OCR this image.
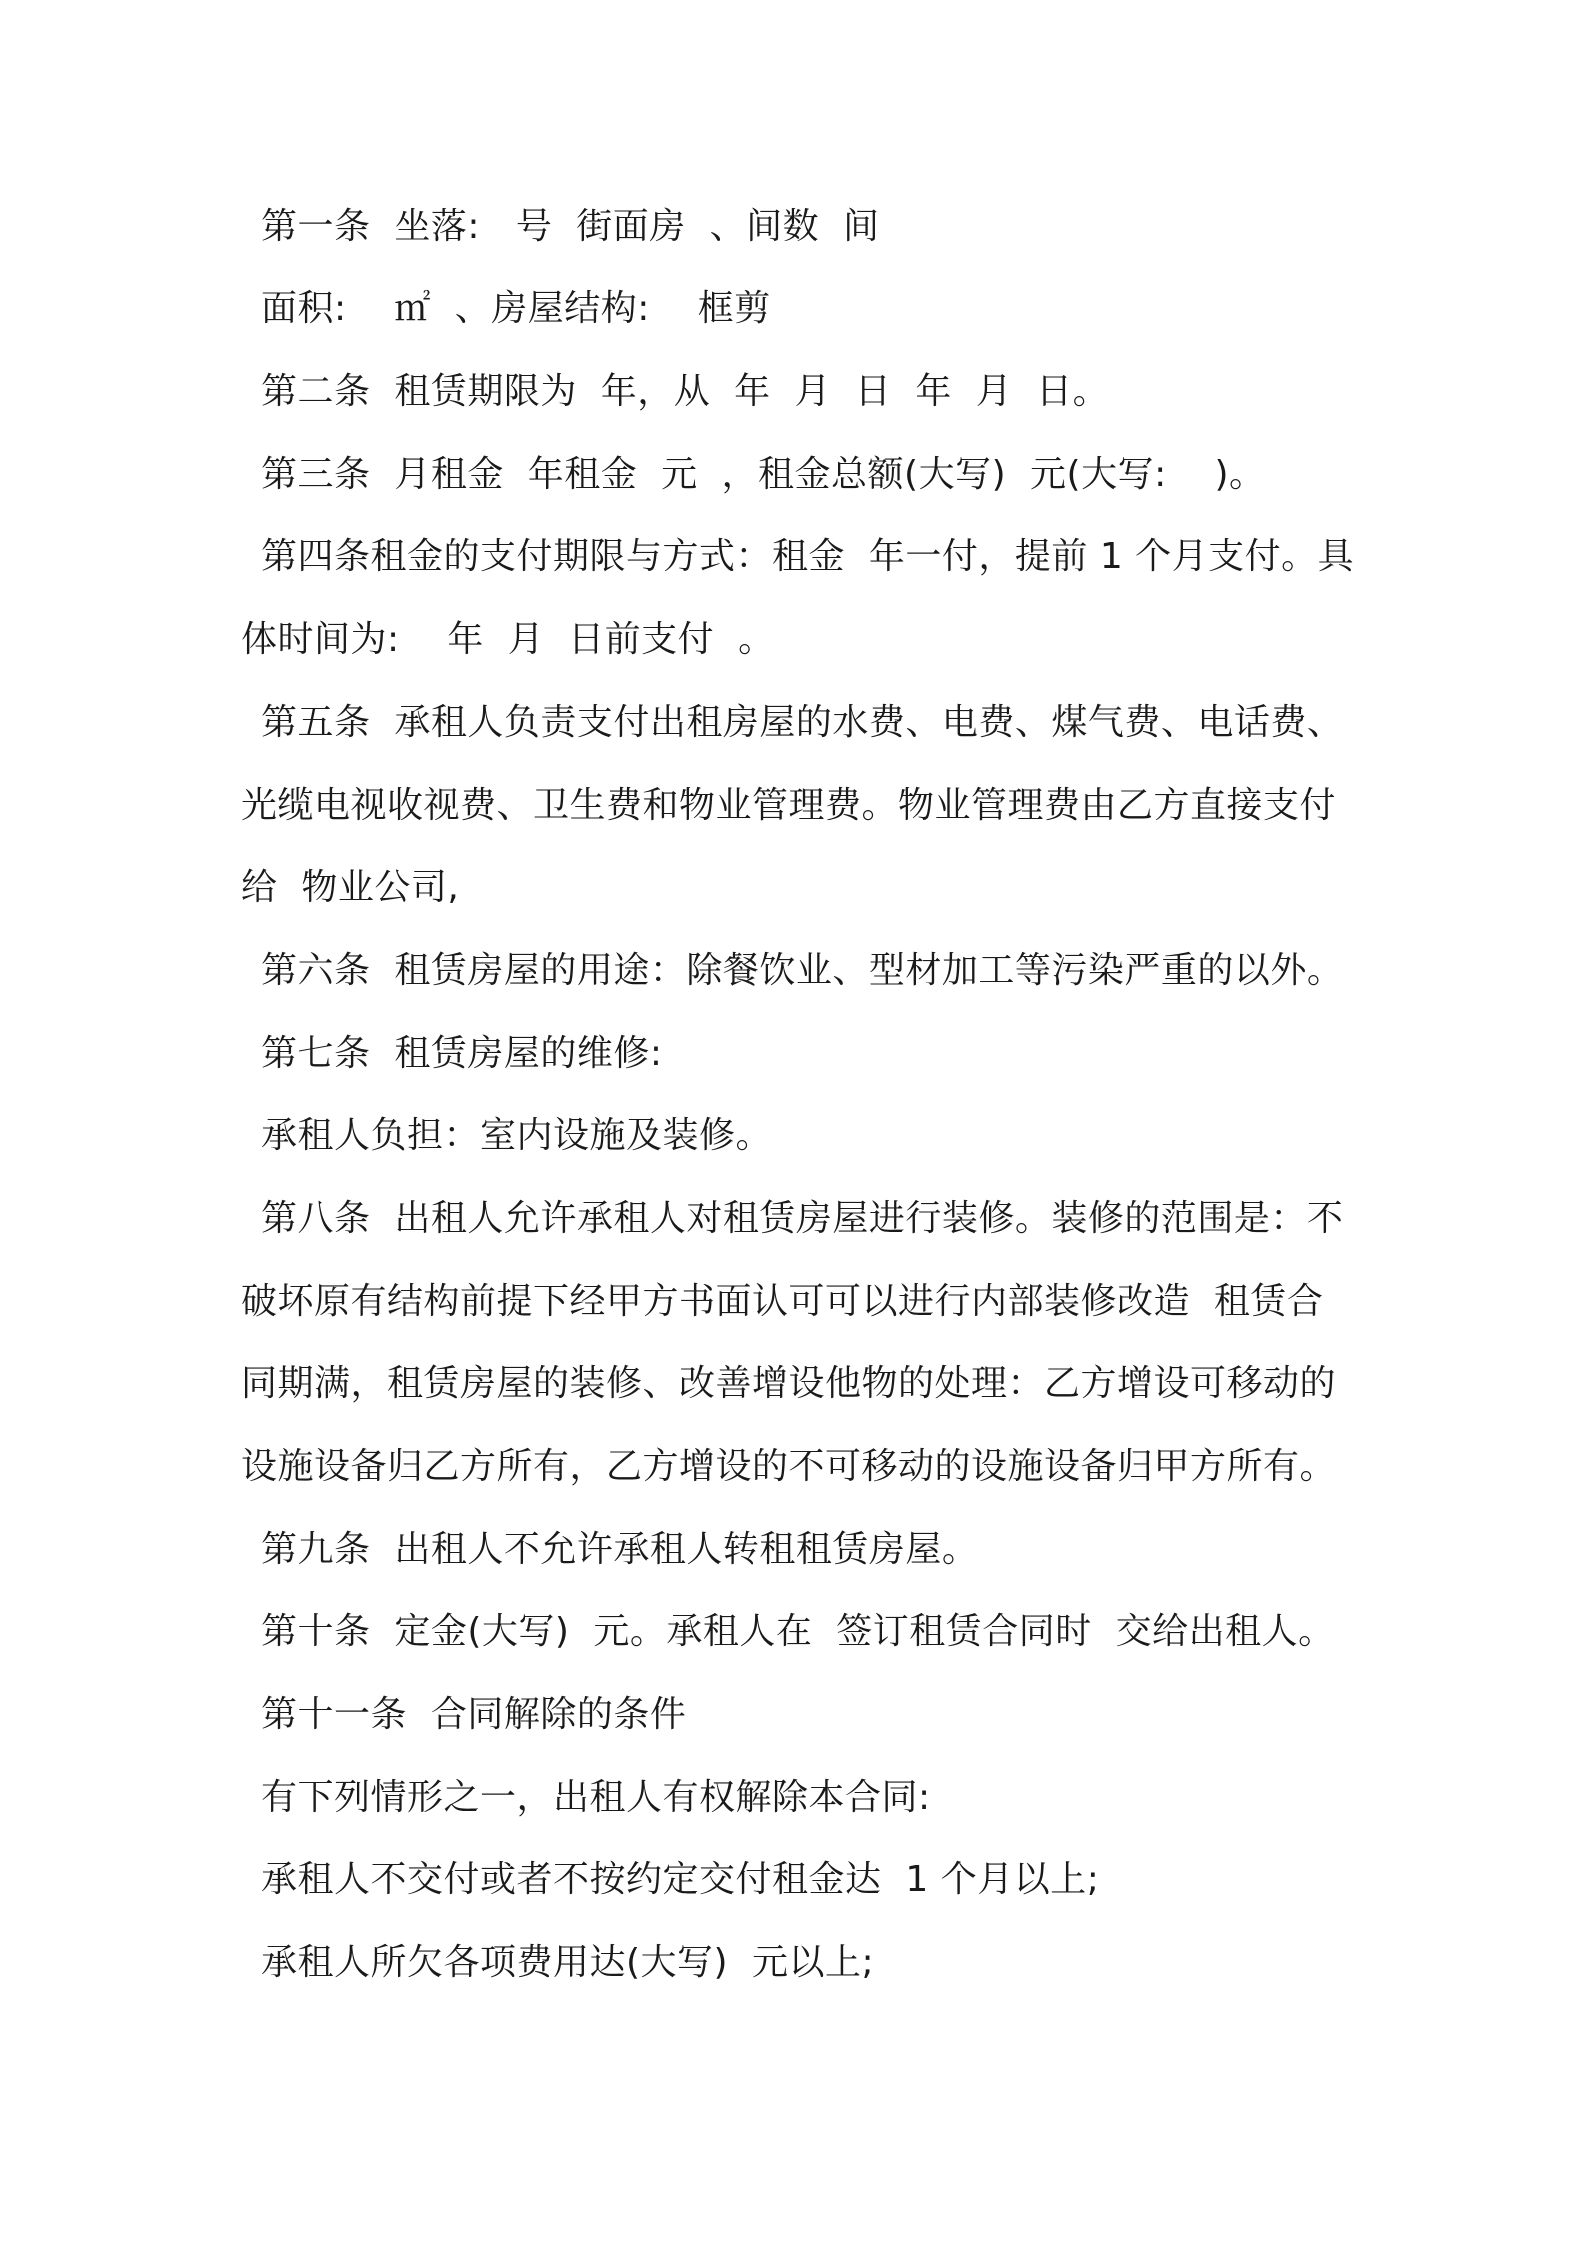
第一条  坐落:   号  街面房  、间数  间
面积:    ㎡  、房屋结构:    框剪
第二条  租赁期限为  年，从  年  月  日  年  月  日。
第三条  月租金  年租金  元  ，租金总额(大写)  元(大写:    )。
第四条租金的支付期限与方式：租金  年一付，提前 1 个月支付。具
体时间为:    年  月  日前支付  。
第五条  承租人负责支付出租房屋的水费、电费、煤气费、电话费、
光缆电视收视费、卫生费和物业管理费。物业管理费由乙方直接支付
给  物业公司,
第六条  租赁房屋的用途：除餐饮业、型材加工等污染严重的以外。
第七条  租赁房屋的维修:
承租人负担：室内设施及装修。
第八条  出租人允许承租人对租赁房屋进行装修。装修的范围是：不
破坏原有结构前提下经甲方书面认可可以进行内部装修改造  租赁合
同期满，租赁房屋的装修、改善增设他物的处理：乙方增设可移动的
设施设备归乙方所有，乙方增设的不可移动的设施设备归甲方所有。
第九条  出租人不允许承租人转租租赁房屋。
第十条  定金(大写)  元。承租人在  签订租赁合同时  交给出租人。
第十一条  合同解除的条件
有下列情形之一，出租人有权解除本合同:
承租人不交付或者不按约定交付租金达  1 个月以上;
承租人所欠各项费用达(大写)  元以上;
